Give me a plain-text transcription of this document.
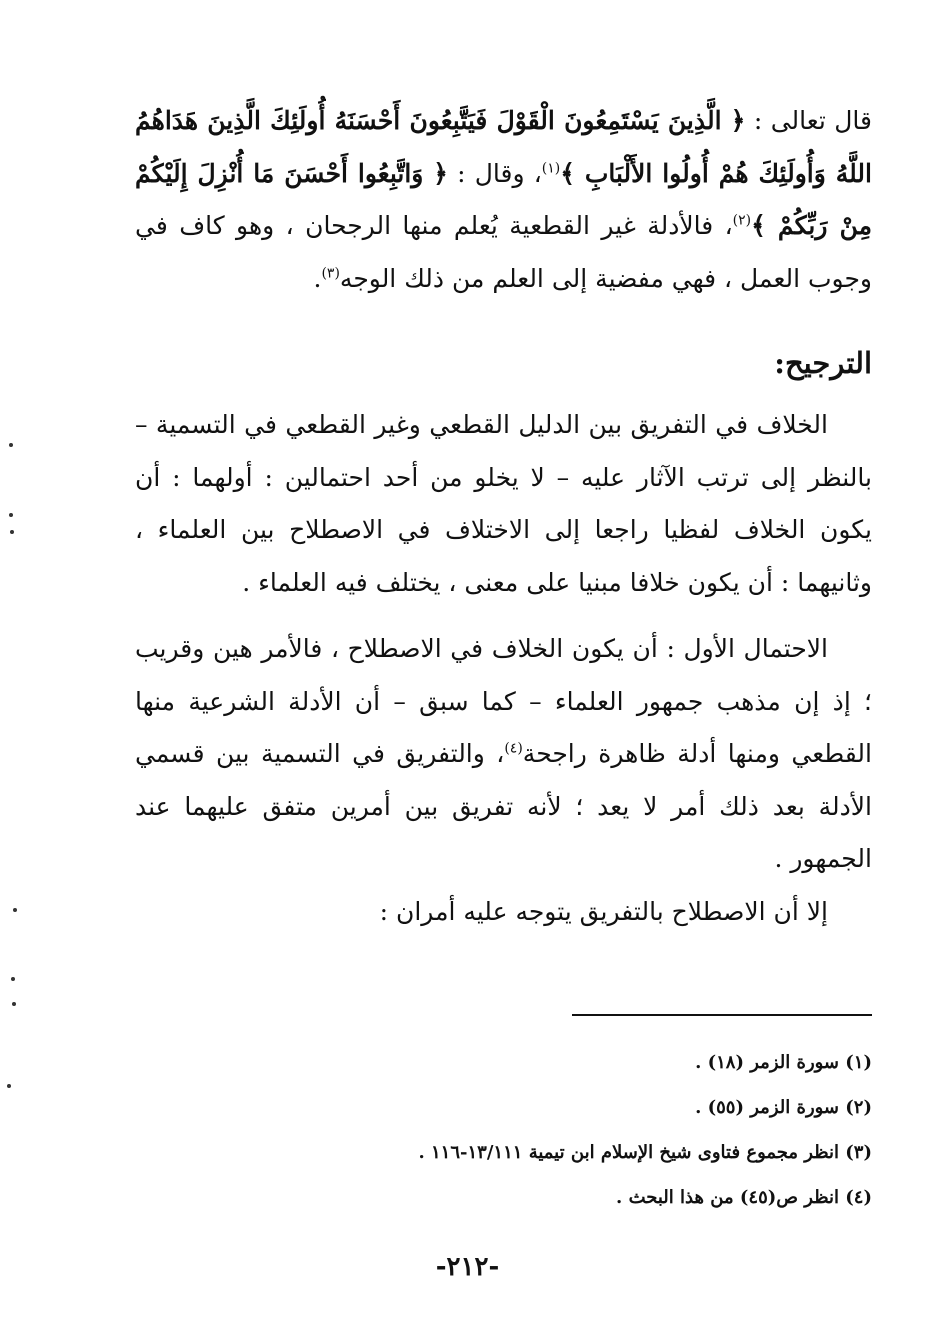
قال تعالى : ﴿ الَّذِينَ يَسْتَمِعُونَ الْقَوْلَ فَيَتَّبِعُونَ أَحْسَنَهُ أُولَئِكَ الَّذِينَ هَدَاهُمُ اللَّهُ وَأُولَئِكَ هُمْ أُولُوا الأَلْبَابِ ﴾$^{(١)}$، وقال : ﴿ وَاتَّبِعُوا أَحْسَنَ مَا أُنْزِلَ إِلَيْكُمْ مِنْ رَبِّكُمْ ﴾$^{(٢)}$، فالأدلة غير القطعية يُعلم منها الرجحان ، وهو كاف في وجوب العمل ، فهي مفضية إلى العلم من ذلك الوجه$^{(٣)}$.

الترجيح:

الخلاف في التفريق بين الدليل القطعي وغير القطعي في التسمية – بالنظر إلى ترتب الآثار عليه – لا يخلو من أحد احتمالين : أولهما : أن يكون الخلاف لفظيا راجعا إلى الاختلاف في الاصطلاح بين العلماء ، وثانيهما : أن يكون خلافا مبنيا على معنى ، يختلف فيه العلماء .

الاحتمال الأول : أن يكون الخلاف في الاصطلاح ، فالأمر هين وقريب ؛ إذ إن مذهب جمهور العلماء – كما سبق – أن الأدلة الشرعية منها القطعي ومنها أدلة ظاهرة راجحة$^{(٤)}$، والتفريق في التسمية بين قسمي الأدلة بعد ذلك أمر لا يعد ؛ لأنه تفريق بين أمرين متفق عليهما عند الجمهور .

إلا أن الاصطلاح بالتفريق يتوجه عليه أمران :

(١) سورة الزمر (١٨) .

(٢) سورة الزمر (٥٥) .

(٣) انظر مجموع فتاوى شيخ الإسلام ابن تيمية ١٣/١١١-١١٦ .

(٤) انظر ص(٤٥) من هذا البحث .

-٢١٢-
